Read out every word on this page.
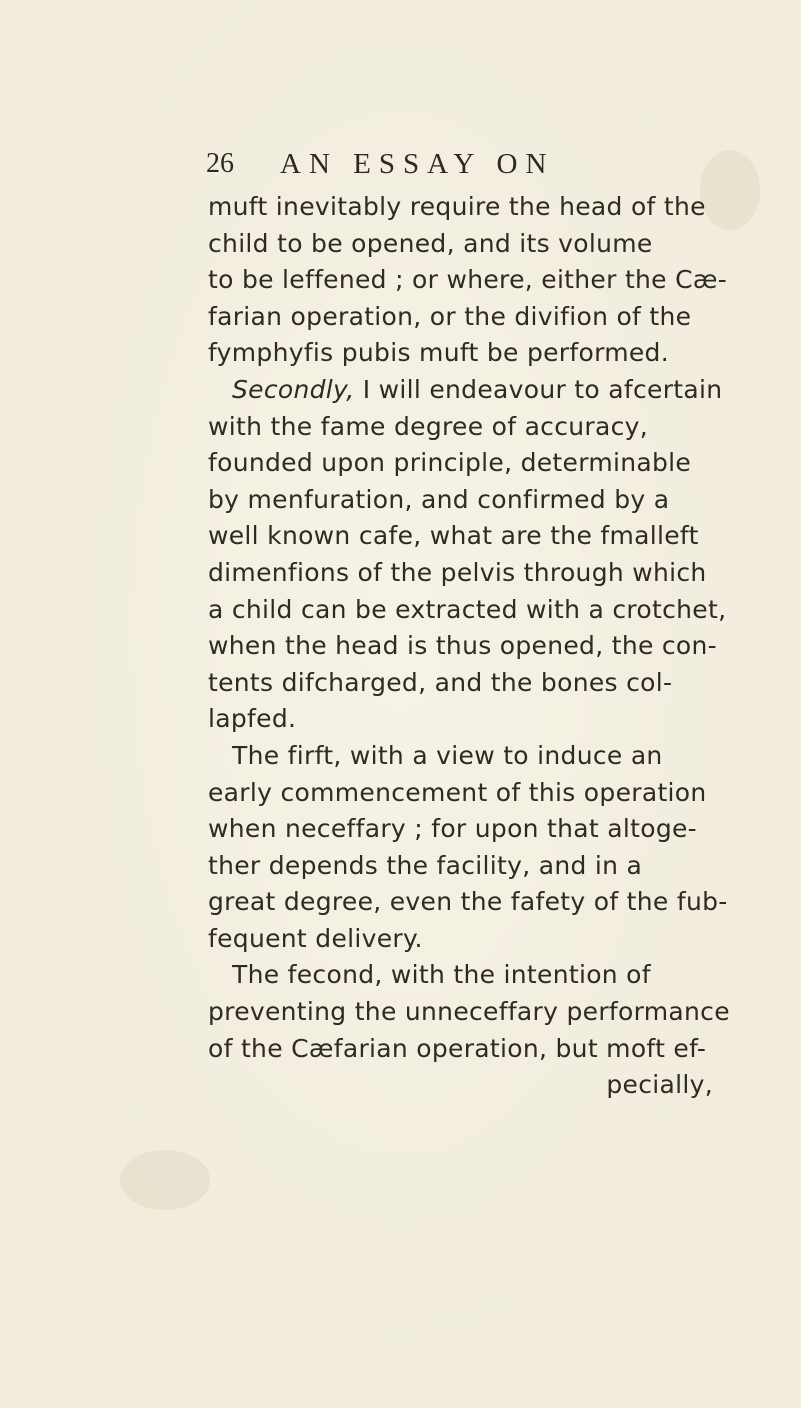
26 AN ESSAY ON
muft inevitably require the head of the
child to be opened, and its volume
to be leffened ; or where, either the Cæ-
farian operation, or the divifion of the
fymphyfis pubis muft be performed.
Secondly, I will endeavour to afcertain
with the fame degree of accuracy,
founded upon principle, determinable
by menfuration, and confirmed by a
well known cafe, what are the fmalleft
dimenfions of the pelvis through which
a child can be extracted with a crotchet,
when the head is thus opened, the con-
tents difcharged, and the bones col-
lapfed.
The firft, with a view to induce an
early commencement of this operation
when neceffary ; for upon that altoge-
ther depends the facility, and in a
great degree, even the fafety of the fub-
fequent delivery.
The fecond, with the intention of
preventing the unneceffary performance
of the Cæfarian operation, but moft ef-
pecially,
